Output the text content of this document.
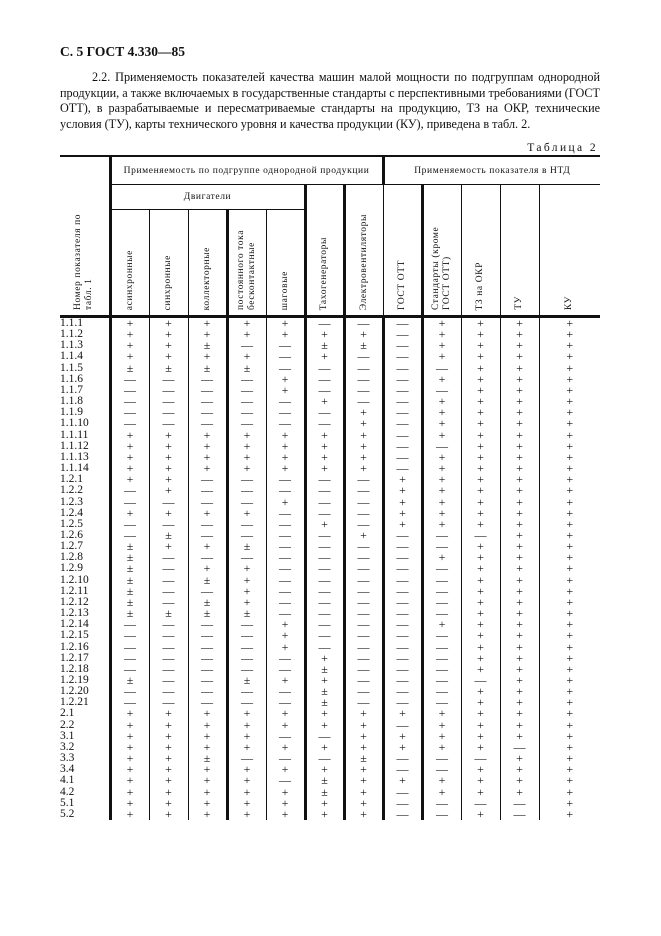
С. 5 ГОСТ 4.330—85
2.2. Применяемость показателей качества машин малой мощности по подгруппам однородной продукции, а также включаемых в государственные стандарты с перспективными требованиями (ГОСТ ОТТ), в разрабатываемые и пересматриваемые стандарты на продукцию, ТЗ на ОКР, технические условия (ТУ), карты технического уровня и качества продукции (КУ), приведена в табл. 2.
Таблица 2
Номер показателя по табл. 1	Применяемость по подгруппе однородной продукции							Применяемость показателя в НТД				
	Двигатели					Тахогенераторы	Электровентиляторы	ГОСТ ОТТ	Стандарты (кроме ГОСТ ОТТ)	ТЗ на ОКР	ТУ	КУ

	асинхронные	синхронные	коллекторные	постоянного тока бесконтактные	шаговые							

1.1.1	+	+	+	+	+	—	—	—	+	+	+	+
1.1.2	+	+	+	+	+	+	+	—	+	+	+	+
1.1.3	+	+	±	—	—	±	±	—	+	+	+	+
1.1.4	+	+	+	+	—	+	—	—	+	+	+	+
1.1.5	±	±	±	±	—	—	—	—	—	+	+	+
1.1.6	—	—	—	—	+	—	—	—	+	+	+	+
1.1.7	—	—	—	—	+	—	—	—	—	+	+	+
1.1.8	—	—	—	—	—	+	—	—	+	+	+	+
1.1.9	—	—	—	—	—	—	+	—	+	+	+	+
1.1.10	—	—	—	—	—	—	+	—	+	+	+	+
1.1.11	+	+	+	+	+	+	+	—	+	+	+	+
1.1.12	+	+	+	+	+	+	+	—	—	+	+	+
1.1.13	+	+	+	+	+	+	+	—	+	+	+	+
1.1.14	+	+	+	+	+	+	+	—	+	+	+	+
1.2.1	+	+	—	—	—	—	—	+	+	+	+	+
1.2.2	—	+	—	—	—	—	—	+	+	+	+	+
1.2.3	—	—	—	—	+	—	—	+	+	+	+	+
1.2.4	+	+	+	+	—	—	—	+	+	+	+	+
1.2.5	—	—	—	—	—	+	—	+	+	+	+	+
1.2.6	—	±	—	—	—	—	+	—	—	—	+	+
1.2.7	±	+	+	±	—	—	—	—	—	+	+	+
1.2.8	±	—	—	—	—	—	—	—	+	+	+	+
1.2.9	±	—	+	+	—	—	—	—	—	+	+	+
1.2.10	±	—	±	+	—	—	—	—	—	+	+	+
1.2.11	±	—	—	+	—	—	—	—	—	+	+	+
1.2.12	±	—	±	+	—	—	—	—	—	+	+	+
1.2.13	±	±	±	±	—	—	—	—	—	+	+	+
1.2.14	—	—	—	—	+	—	—	—	+	+	+	+
1.2.15	—	—	—	—	+	—	—	—	—	+	+	+
1.2.16	—	—	—	—	+	—	—	—	—	+	+	+
1.2.17	—	—	—	—	—	+	—	—	—	+	+	+
1.2.18	—	—	—	—	—	±	—	—	—	+	+	+
1.2.19	±	—	—	±	+	+	—	—	—	—	+	+
1.2.20	—	—	—	—	—	±	—	—	—	+	+	+
1.2.21	—	—	—	—	—	±	—	—	—	+	+	+
2.1	+	+	+	+	+	+	+	+	+	+	+	+
2.2	+	+	+	+	+	+	+	—	+	+	+	+
3.1	+	+	+	+	—	—	+	+	+	+	+	+
3.2	+	+	+	+	+	+	+	+	+	+	—	+
3.3	+	+	±	—	—	—	±	—	—	—	+	+
3.4	+	+	+	+	+	+	+	—	—	+	+	+
4.1	+	+	+	+	—	±	+	+	+	+	+	+
4.2	+	+	+	+	+	±	+	—	+	+	+	+
5.1	+	+	+	+	+	+	+	—	—	—	—	+
5.2	+	+	+	+	+	+	+	—	—	+	—	+
